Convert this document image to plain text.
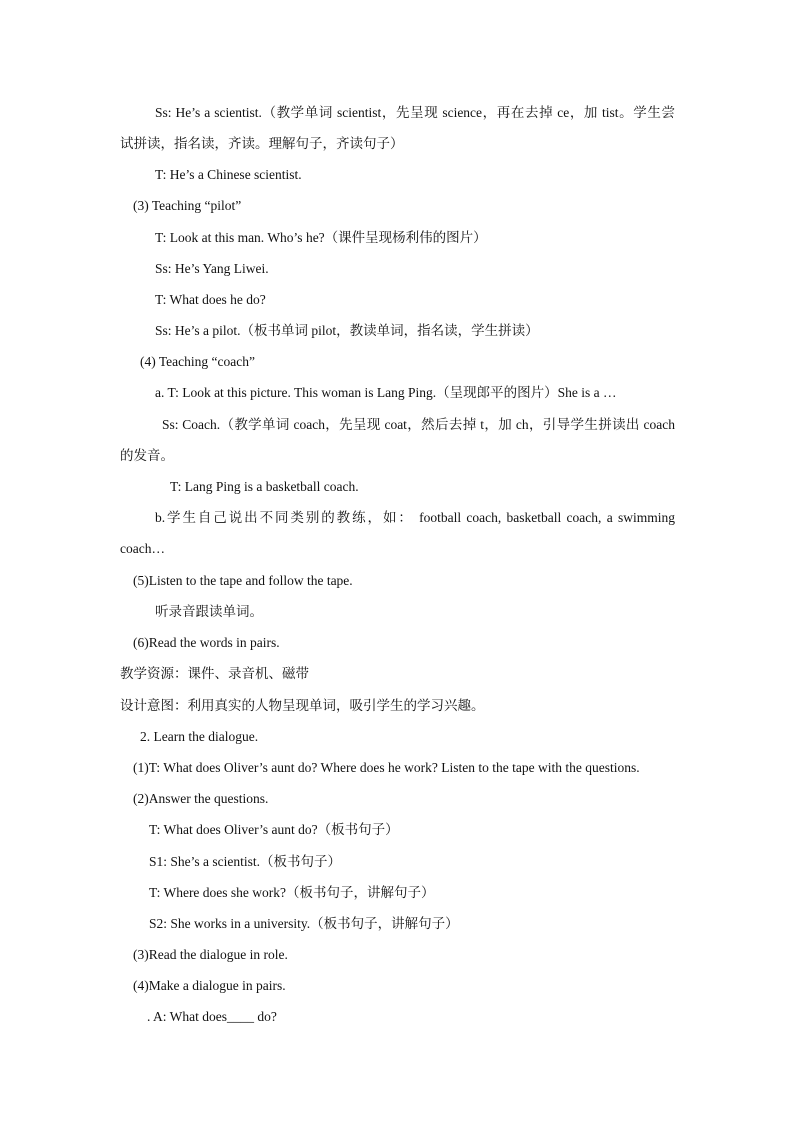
Ss: He’s a scientist.（教学单词 scientist，先呈现 science，再在去掉 ce，加 tist。学生尝
试拼读，指名读，齐读。理解句子，齐读句子）
T: He’s a Chinese scientist.
(3) Teaching “pilot”
T: Look at this man. Who’s he?（课件呈现杨利伟的图片）
Ss: He’s Yang Liwei.
T: What does he do?
Ss: He’s a pilot.（板书单词 pilot，教读单词，指名读，学生拼读）
(4) Teaching “coach”
a. T: Look at this picture. This woman is Lang Ping.（呈现郎平的图片）She is a …
Ss: Coach.（教学单词 coach，先呈现 coat，然后去掉 t，加 ch，引导学生拼读出 coach
的发音。
T: Lang Ping is a basketball coach.
b.学生自己说出不同类别的教练，如： football coach, basketball coach, a swimming
coach…
(5)Listen to the tape and follow the tape.
听录音跟读单词。
(6)Read the words in pairs.
教学资源：课件、录音机、磁带
设计意图：利用真实的人物呈现单词，吸引学生的学习兴趣。
2. Learn the dialogue.
(1)T: What does Oliver’s aunt do? Where does he work? Listen to the tape with the questions.
(2)Answer the questions.
T: What does Oliver’s aunt do?（板书句子）
S1: She’s a scientist.（板书句子）
T: Where does she work?（板书句子，讲解句子）
S2: She works in a university.（板书句子，讲解句子）
(3)Read the dialogue in role.
(4)Make a dialogue in pairs.
. A: What does____ do?
